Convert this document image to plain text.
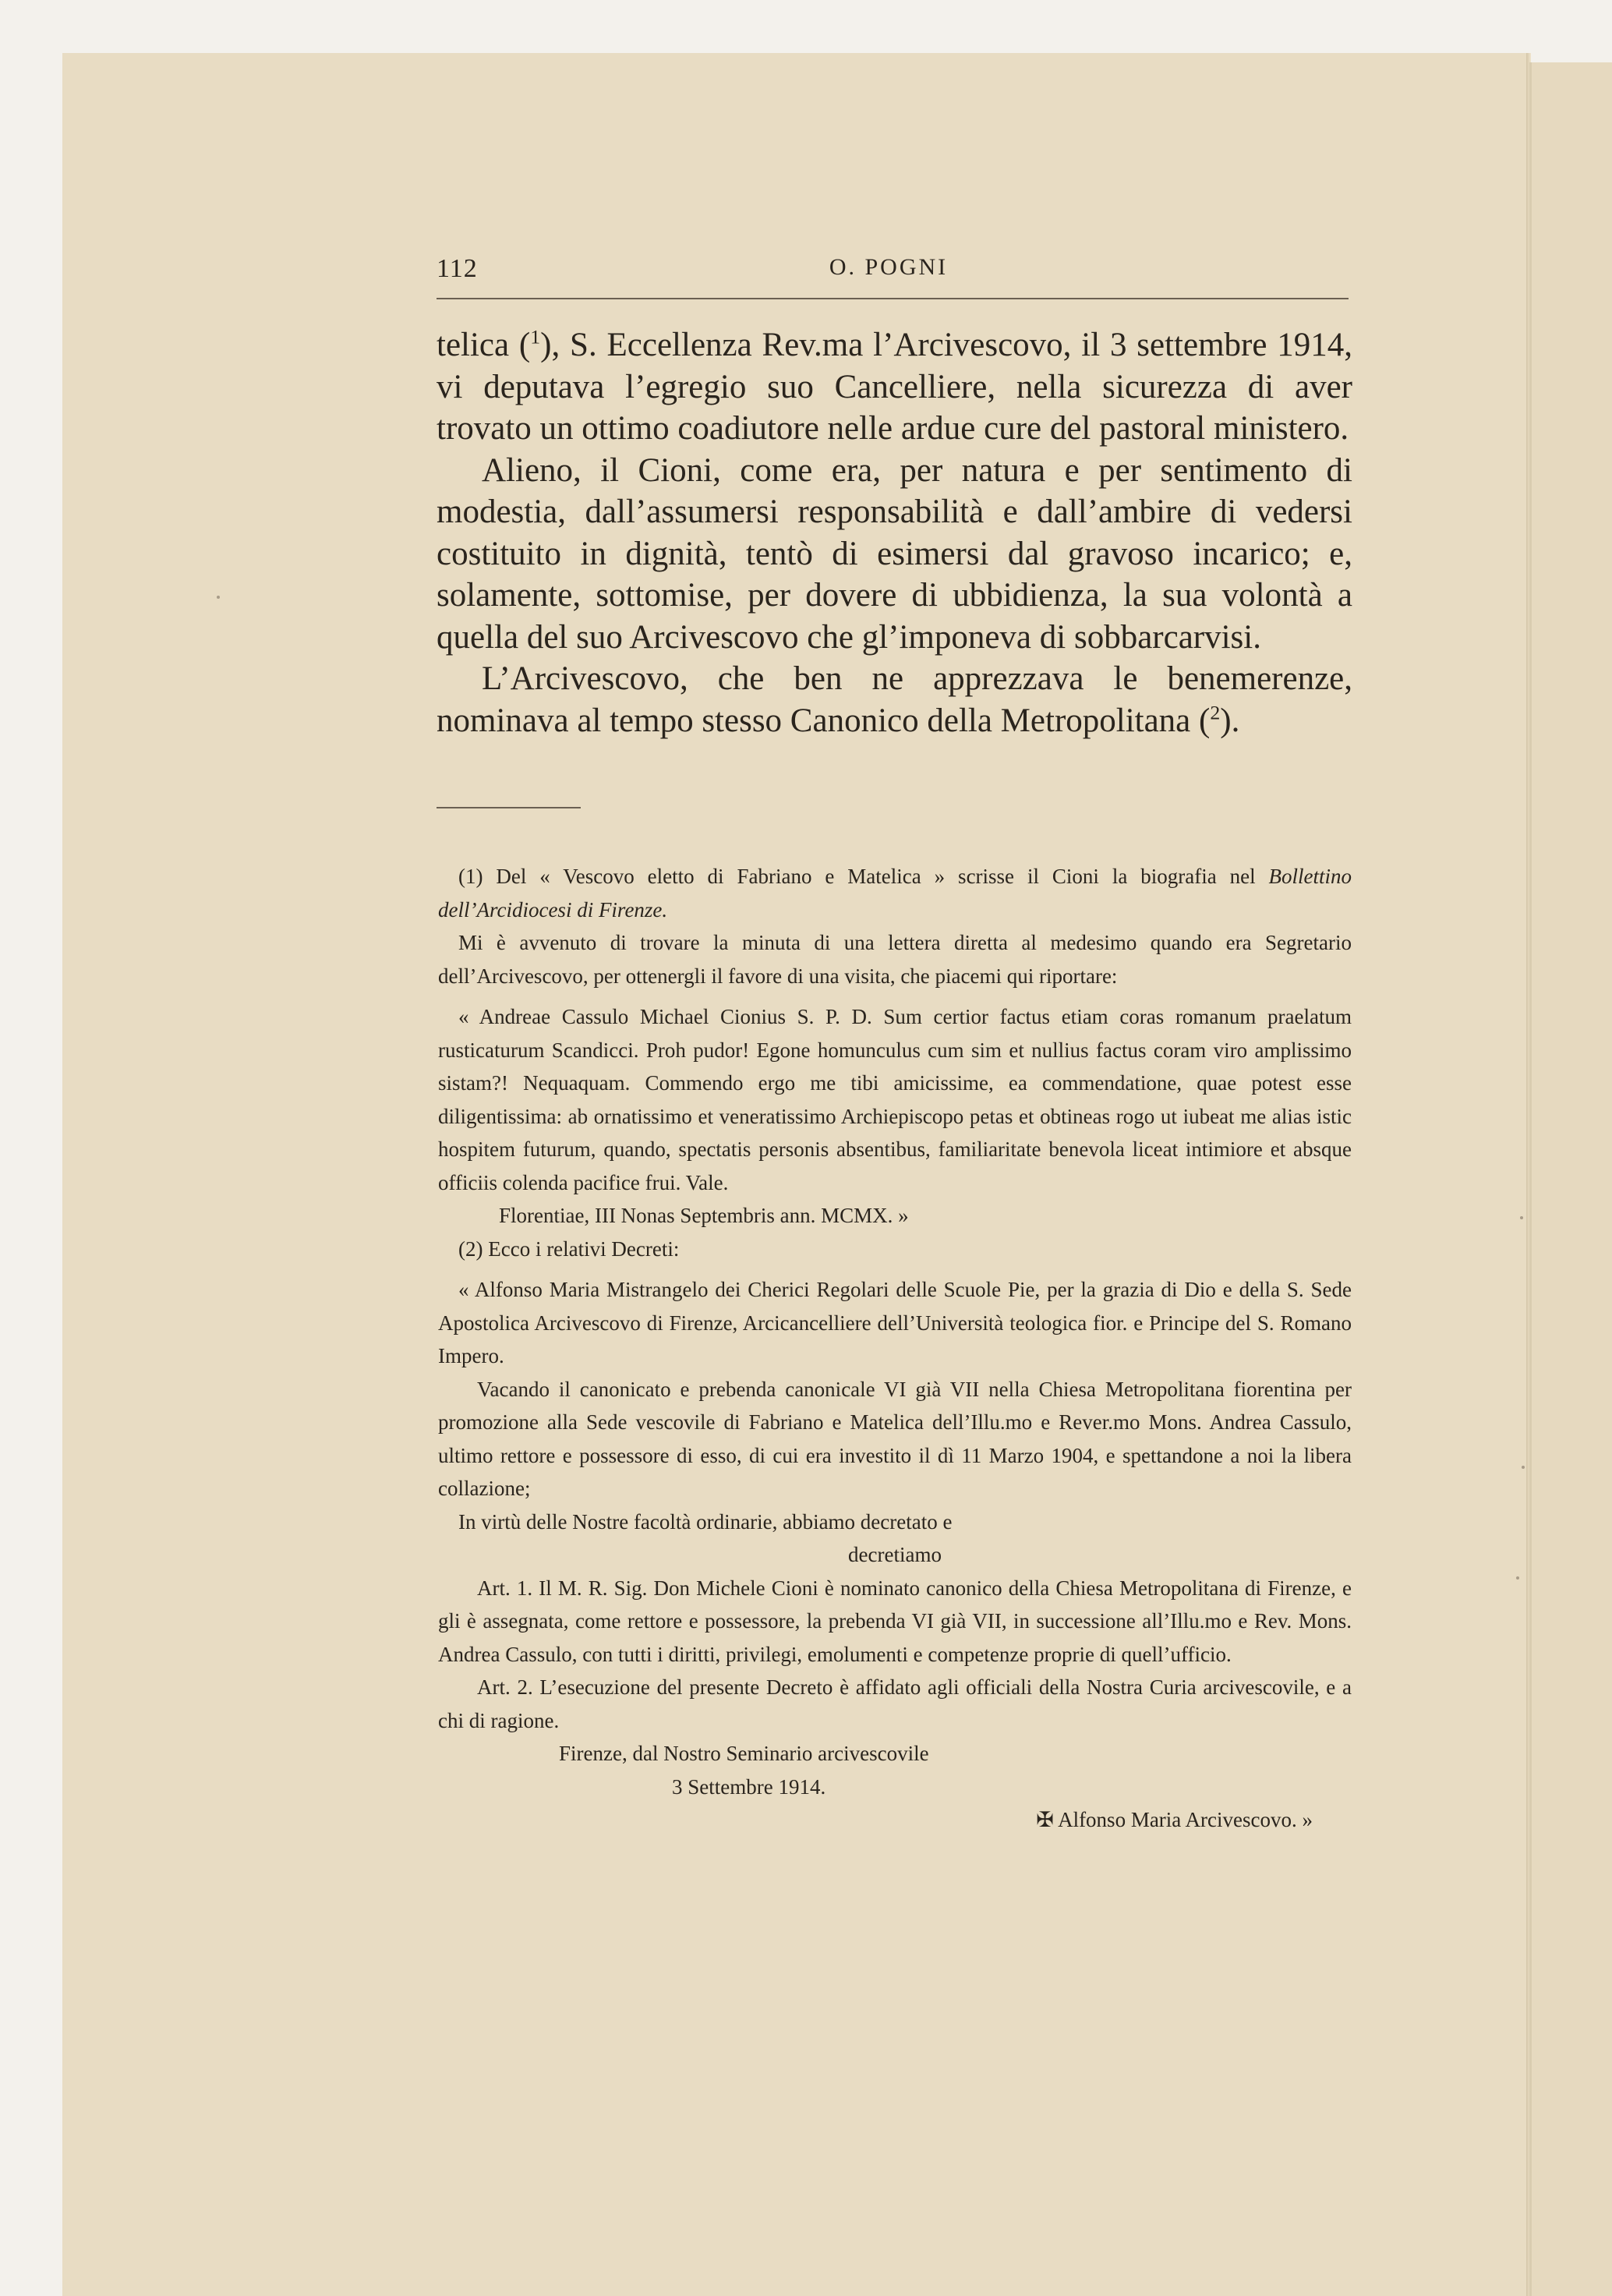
112	O. POGNI

telica ($^1$), S. Eccellenza Rev.ma l’Arcivescovo, il 3 settembre 1914, vi deputava l’egregio suo Cancelliere, nella sicurezza di aver trovato un ottimo coadiutore nelle ardue cure del pastoral ministero.

Alieno, il Cioni, come era, per natura e per sentimento di modestia, dall’assumersi responsabilità e dall’ambire di vedersi costituito in dignità, tentò di esimersi dal gravoso incarico; e, solamente, sottomise, per dovere di ubbidienza, la sua volontà a quella del suo Arcivescovo che gl’imponeva di sobbarcarvisi.

L’Arcivescovo, che ben ne apprezzava le benemerenze, nominava al tempo stesso Canonico della Metropolitana ($^2$).

(1) Del « Vescovo eletto di Fabriano e Matelica » scrisse il Cioni la biografia nel Bollettino dell’Arcidiocesi di Firenze.

Mi è avvenuto di trovare la minuta di una lettera diretta al medesimo quando era Segretario dell’Arcivescovo, per ottenergli il favore di una visita, che piacemi qui riportare:

« Andreae Cassulo Michael Cionius S. P. D. Sum certior factus etiam coras romanum praelatum rusticaturum Scandicci. Proh pudor! Egone homunculus cum sim et nullius factus coram viro amplissimo sistam?! Nequaquam. Commendo ergo me tibi amicissime, ea commendatione, quae potest esse diligentissima: ab ornatissimo et veneratissimo Archiepiscopo petas et obtineas rogo ut iubeat me alias istic hospitem futurum, quando, spectatis personis absentibus, familiaritate benevola liceat intimiore et absque officiis colenda pacifice frui. Vale.

Florentiae, III Nonas Septembris ann. MCMX. »

(2) Ecco i relativi Decreti:

« Alfonso Maria Mistrangelo dei Cherici Regolari delle Scuole Pie, per la grazia di Dio e della S. Sede Apostolica Arcivescovo di Firenze, Arcicancelliere dell’Università teologica fior. e Principe del S. Romano Impero.

Vacando il canonicato e prebenda canonicale VI già VII nella Chiesa Metropolitana fiorentina per promozione alla Sede vescovile di Fabriano e Matelica dell’Illu.mo e Rever.mo Mons. Andrea Cassulo, ultimo rettore e possessore di esso, di cui era investito il dì 11 Marzo 1904, e spettandone a noi la libera collazione;

In virtù delle Nostre facoltà ordinarie, abbiamo decretato e

decretiamo

Art. 1. Il M. R. Sig. Don Michele Cioni è nominato canonico della Chiesa Metropolitana di Firenze, e gli è assegnata, come rettore e possessore, la prebenda VI già VII, in successione all’Illu.mo e Rev. Mons. Andrea Cassulo, con tutti i diritti, privilegi, emolumenti e competenze proprie di quell’ufficio.

Art. 2. L’esecuzione del presente Decreto è affidato agli officiali della Nostra Curia arcivescovile, e a chi di ragione.

Firenze, dal Nostro Seminario arcivescovile

3 Settembre 1914.

✠ Alfonso Maria Arcivescovo. »
